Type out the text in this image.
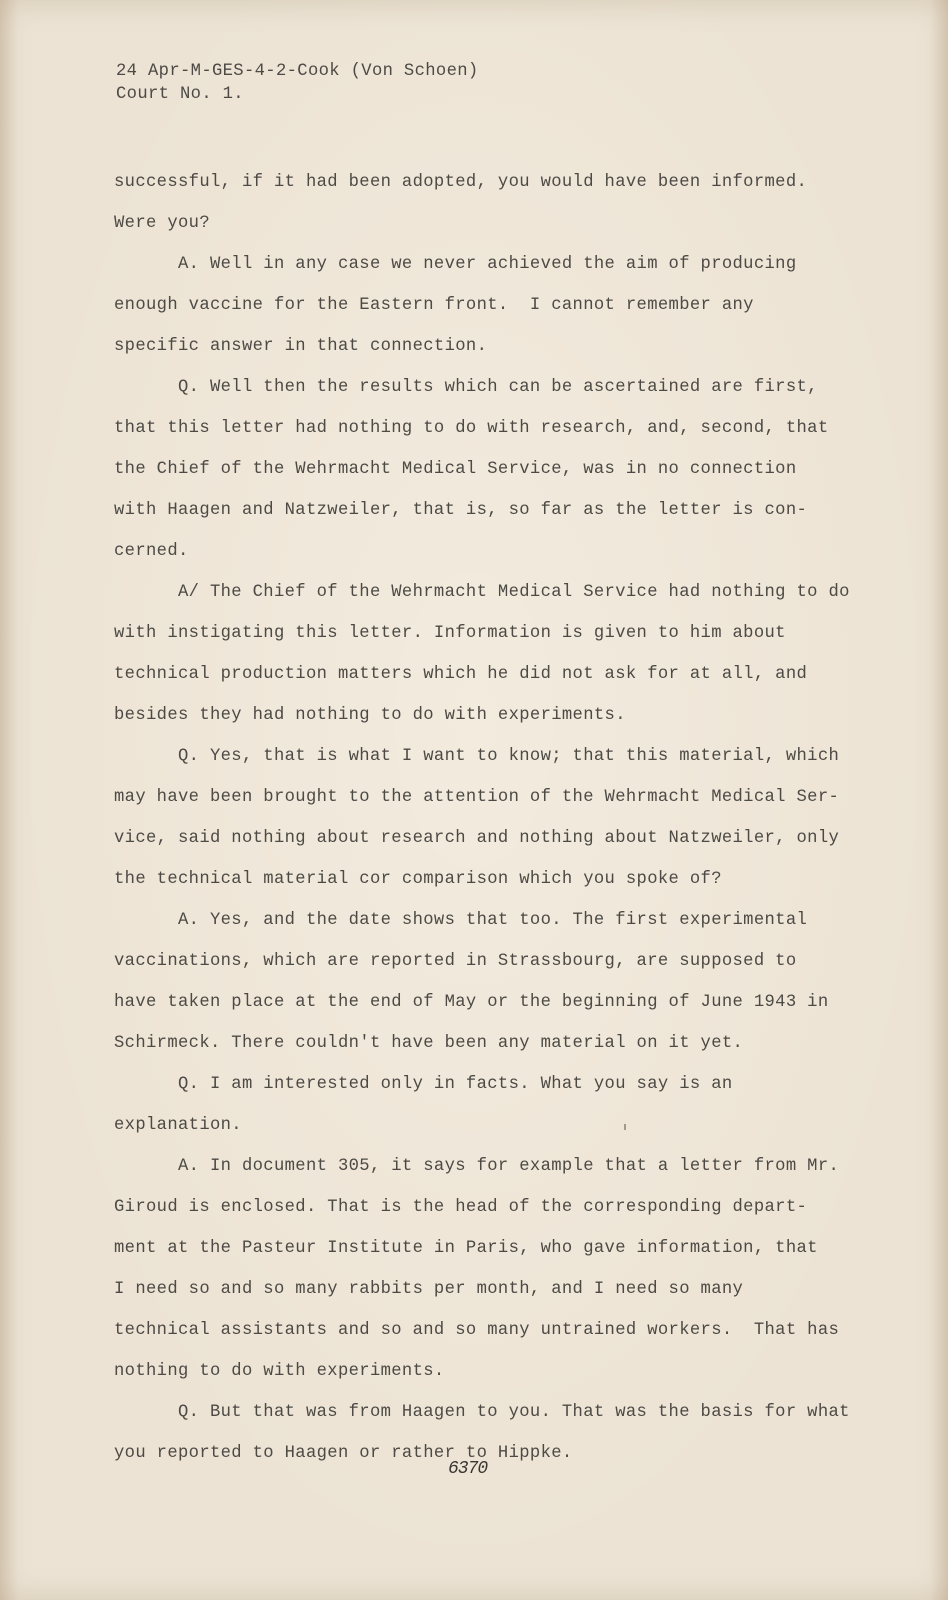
24 Apr-M-GES-4-2-Cook (Von Schoen)
Court No. 1.
successful, if it had been adopted, you would have been informed.
Were you?
A. Well in any case we never achieved the aim of producing
enough vaccine for the Eastern front.  I cannot remember any
specific answer in that connection.
Q. Well then the results which can be ascertained are first,
that this letter had nothing to do with research, and, second, that
the Chief of the Wehrmacht Medical Service, was in no connection
with Haagen and Natzweiler, that is, so far as the letter is con-
cerned.
A/ The Chief of the Wehrmacht Medical Service had nothing to do
with instigating this letter. Information is given to him about
technical production matters which he did not ask for at all, and
besides they had nothing to do with experiments.
Q. Yes, that is what I want to know; that this material, which
may have been brought to the attention of the Wehrmacht Medical Ser-
vice, said nothing about research and nothing about Natzweiler, only
the technical material cor comparison which you spoke of?
A. Yes, and the date shows that too. The first experimental
vaccinations, which are reported in Strassbourg, are supposed to
have taken place at the end of May or the beginning of June 1943 in
Schirmeck. There couldn't have been any material on it yet.
Q. I am interested only in facts. What you say is an
explanation.
A. In document 305, it says for example that a letter from Mr.
Giroud is enclosed. That is the head of the corresponding depart-
ment at the Pasteur Institute in Paris, who gave information, that
I need so and so many rabbits per month, and I need so many
technical assistants and so and so many untrained workers.  That has
nothing to do with experiments.
Q. But that was from Haagen to you. That was the basis for what
you reported to Haagen or rather to Hippke.
6370
